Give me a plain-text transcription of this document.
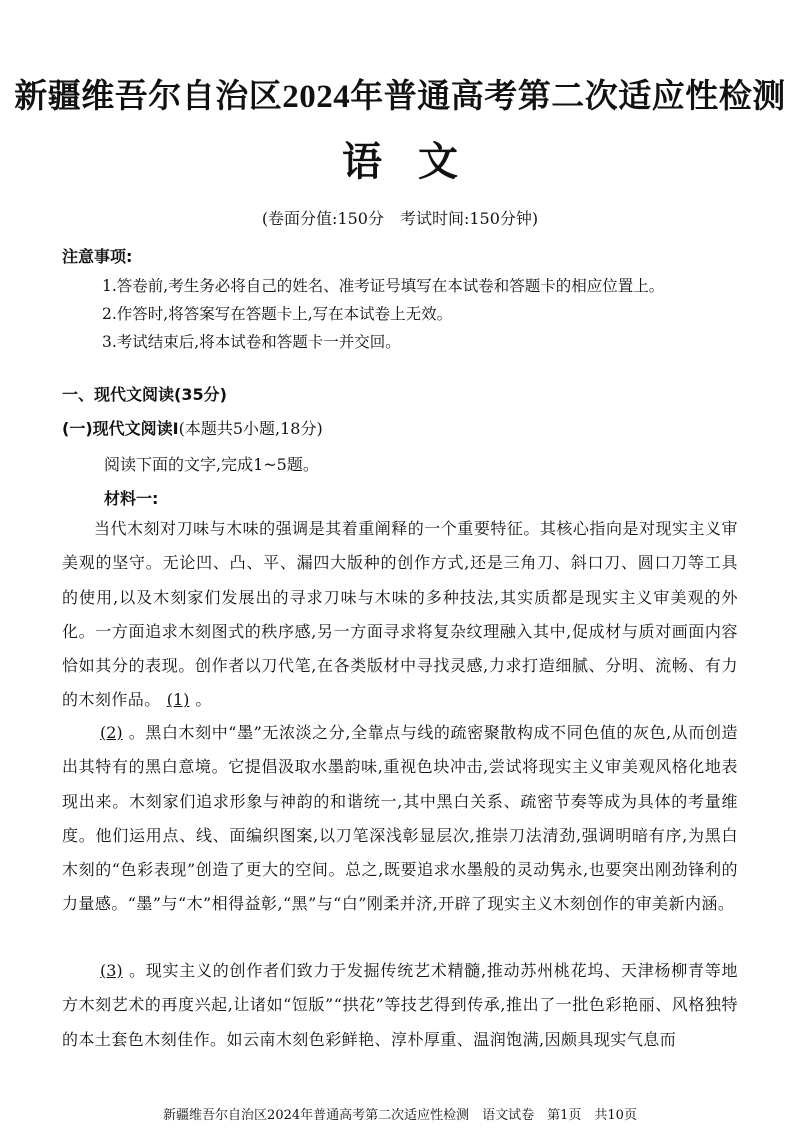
新疆维吾尔自治区2024年普通高考第二次适应性检测
语文
(卷面分值:150分　考试时间:150分钟)
注意事项:
1.答卷前,考生务必将自己的姓名、准考证号填写在本试卷和答题卡的相应位置上。
2.作答时,将答案写在答题卡上,写在本试卷上无效。
3.考试结束后,将本试卷和答题卡一并交回。
一、现代文阅读(35分)
(一)现代文阅读Ⅰ(本题共5小题,18分)
阅读下面的文字,完成1~5题。
材料一:
当代木刻对刀味与木味的强调是其着重阐释的一个重要特征。其核心指向是对现实主义审美观的坚守。无论凹、凸、平、漏四大版种的创作方式,还是三角刀、斜口刀、圆口刀等工具的使用,以及木刻家们发展出的寻求刀味与木味的多种技法,其实质都是现实主义审美观的外化。一方面追求木刻图式的秩序感,另一方面寻求将复杂纹理融入其中,促成材与质对画面内容恰如其分的表现。创作者以刀代笔,在各类版材中寻找灵感,力求打造细腻、分明、流畅、有力的木刻作品。 (1) 。
(2) 。黑白木刻中“墨”无浓淡之分,全靠点与线的疏密聚散构成不同色值的灰色,从而创造出其特有的黑白意境。它提倡汲取水墨韵味,重视色块冲击,尝试将现实主义审美观风格化地表现出来。木刻家们追求形象与神韵的和谐统一,其中黑白关系、疏密节奏等成为具体的考量维度。他们运用点、线、面编织图案,以刀笔深浅彰显层次,推崇刀法清劲,强调明暗有序,为黑白木刻的“色彩表现”创造了更大的空间。总之,既要追求水墨般的灵动隽永,也要突出刚劲锋利的力量感。“墨”与“木”相得益彰,“黑”与“白”刚柔并济,开辟了现实主义木刻创作的审美新内涵。
(3) 。现实主义的创作者们致力于发掘传统艺术精髓,推动苏州桃花坞、天津杨柳青等地方木刻艺术的再度兴起,让诸如“饾版”“拱花”等技艺得到传承,推出了一批色彩艳丽、风格独特的本土套色木刻佳作。如云南木刻色彩鲜艳、淳朴厚重、温润饱满,因颇具现实气息而
新疆维吾尔自治区2024年普通高考第二次适应性检测　语文试卷　第1页　共10页
